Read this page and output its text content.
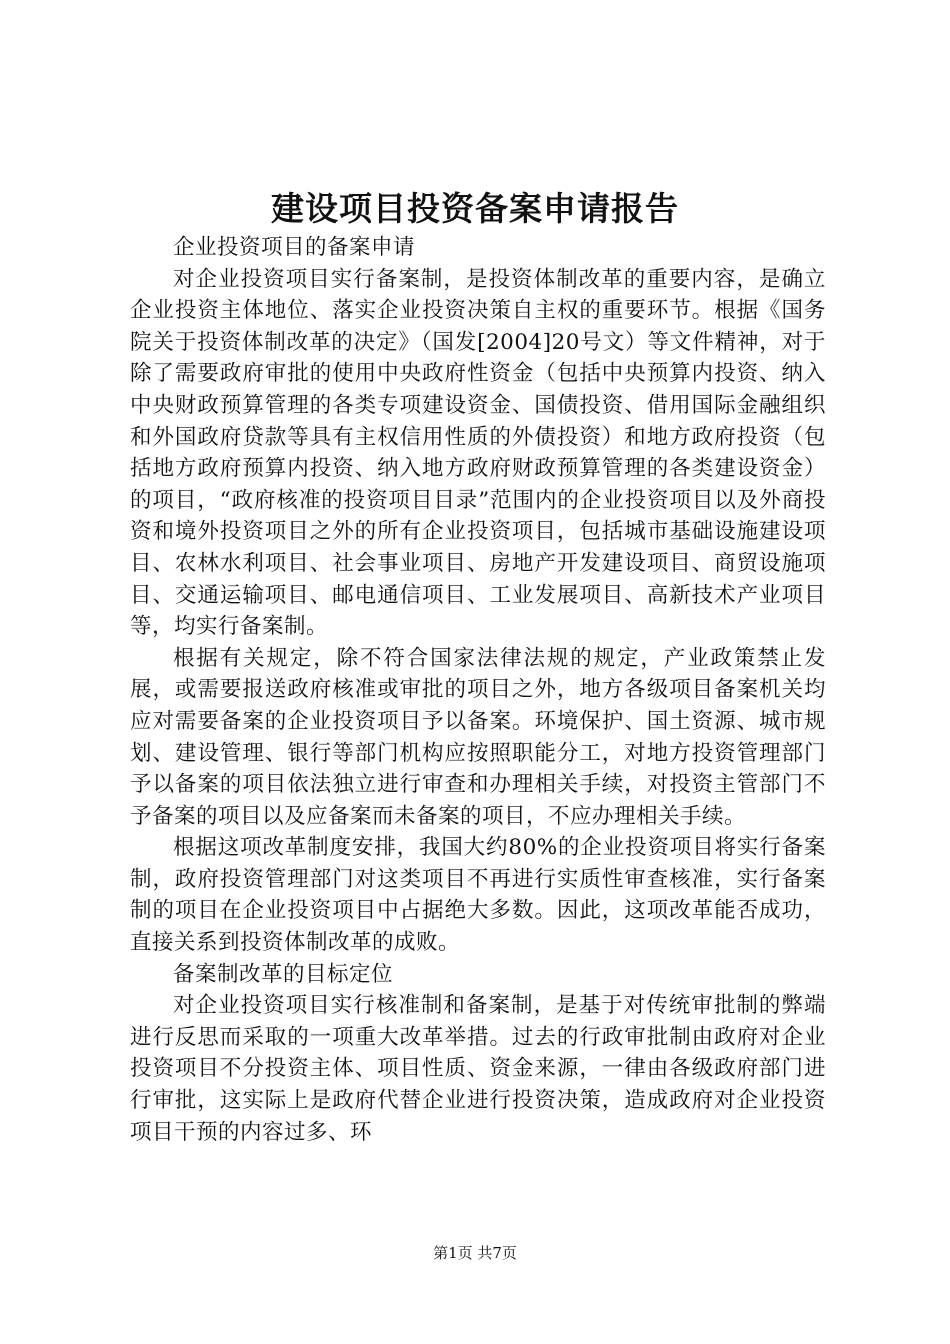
建设项目投资备案申请报告

企业投资项目的备案申请

对企业投资项目实行备案制，是投资体制改革的重要内容，是确立企业投资主体地位、落实企业投资决策自主权的重要环节。根据《国务院关于投资体制改革的决定》（国发[2004]20号文）等文件精神，对于除了需要政府审批的使用中央政府性资金（包括中央预算内投资、纳入中央财政预算管理的各类专项建设资金、国债投资、借用国际金融组织和外国政府贷款等具有主权信用性质的外债投资）和地方政府投资（包括地方政府预算内投资、纳入地方政府财政预算管理的各类建设资金）的项目，“政府核准的投资项目目录”范围内的企业投资项目以及外商投资和境外投资项目之外的所有企业投资项目，包括城市基础设施建设项目、农林水利项目、社会事业项目、房地产开发建设项目、商贸设施项目、交通运输项目、邮电通信项目、工业发展项目、高新技术产业项目等，均实行备案制。

根据有关规定，除不符合国家法律法规的规定，产业政策禁止发展，或需要报送政府核准或审批的项目之外，地方各级项目备案机关均应对需要备案的企业投资项目予以备案。环境保护、国土资源、城市规划、建设管理、银行等部门机构应按照职能分工，对地方投资管理部门予以备案的项目依法独立进行审查和办理相关手续，对投资主管部门不予备案的项目以及应备案而未备案的项目，不应办理相关手续。

根据这项改革制度安排，我国大约80%的企业投资项目将实行备案制，政府投资管理部门对这类项目不再进行实质性审查核准，实行备案制的项目在企业投资项目中占据绝大多数。因此，这项改革能否成功，直接关系到投资体制改革的成败。

备案制改革的目标定位

对企业投资项目实行核准制和备案制，是基于对传统审批制的弊端进行反思而采取的一项重大改革举措。过去的行政审批制由政府对企业投资项目不分投资主体、项目性质、资金来源，一律由各级政府部门进行审批，这实际上是政府代替企业进行投资决策，造成政府对企业投资项目干预的内容过多、环

第1页 共7页
